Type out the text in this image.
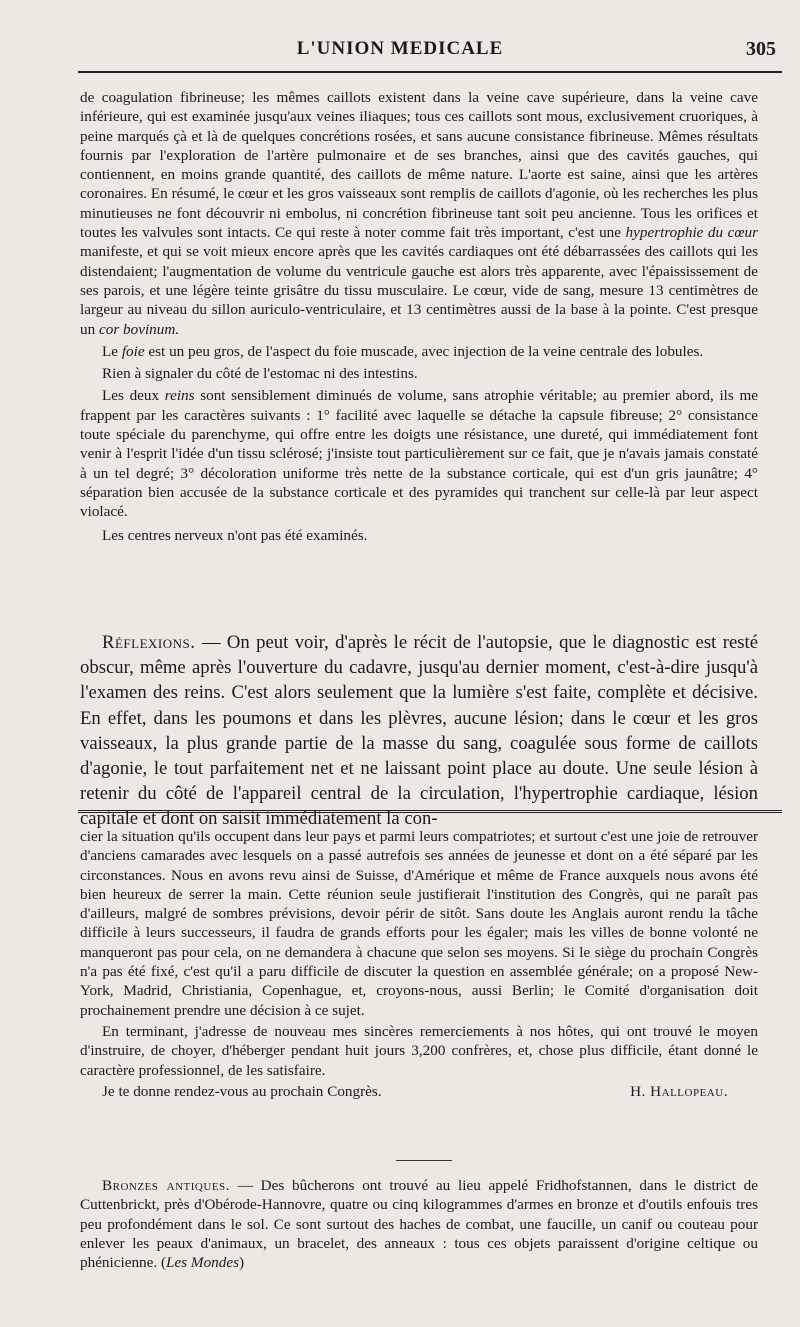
L'UNION MEDICALE	305

de coagulation fibrineuse; les mêmes caillots existent dans la veine cave supérieure, dans la veine cave inférieure, qui est examinée jusqu'aux veines iliaques; tous ces caillots sont mous, exclusivement cruoriques, à peine marqués çà et là de quelques concrétions rosées, et sans aucune consistance fibrineuse. Mêmes résultats fournis par l'exploration de l'artère pulmonaire et de ses branches, ainsi que des cavités gauches, qui contiennent, en moins grande quantité, des caillots de même nature. L'aorte est saine, ainsi que les artères coronaires. En résumé, le cœur et les gros vaisseaux sont remplis de caillots d'agonie, où les recherches les plus minutieuses ne font découvrir ni embolus, ni concrétion fibrineuse tant soit peu ancienne. Tous les orifices et toutes les valvules sont intacts. Ce qui reste à noter comme fait très important, c'est une hypertrophie du cœur manifeste, et qui se voit mieux encore après que les cavités cardiaques ont été débarrassées des caillots qui les distendaient; l'augmentation de volume du ventricule gauche est alors très apparente, avec l'épaississement de ses parois, et une légère teinte grisâtre du tissu musculaire. Le cœur, vide de sang, mesure 13 centimètres de largeur au niveau du sillon auriculo-ventriculaire, et 13 centimètres aussi de la base à la pointe. C'est presque un cor bovinum.

Le foie est un peu gros, de l'aspect du foie muscade, avec injection de la veine centrale des lobules.

Rien à signaler du côté de l'estomac ni des intestins.

Les deux reins sont sensiblement diminués de volume, sans atrophie véritable; au premier abord, ils me frappent par les caractères suivants : 1° facilité avec laquelle se détache la capsule fibreuse; 2° consistance toute spéciale du parenchyme, qui offre entre les doigts une résistance, une dureté, qui immédiatement font venir à l'esprit l'idée d'un tissu sclérosé; j'insiste tout particulièrement sur ce fait, que je n'avais jamais constaté à un tel degré; 3° décoloration uniforme très nette de la substance corticale, qui est d'un gris jaunâtre; 4° séparation bien accusée de la substance corticale et des pyramides qui tranchent sur celle-là par leur aspect violacé.

Les centres nerveux n'ont pas été examinés.

Réflexions. — On peut voir, d'après le récit de l'autopsie, que le diagnostic est resté obscur, même après l'ouverture du cadavre, jusqu'au dernier moment, c'est-à-dire jusqu'à l'examen des reins. C'est alors seulement que la lumière s'est faite, complète et décisive. En effet, dans les poumons et dans les plèvres, aucune lésion; dans le cœur et les gros vaisseaux, la plus grande partie de la masse du sang, coagulée sous forme de caillots d'agonie, le tout parfaitement net et ne laissant point place au doute. Une seule lésion à retenir du côté de l'appareil central de la circulation, l'hypertrophie cardiaque, lésion capitale et dont on saisit immédiatement la con-

cier la situation qu'ils occupent dans leur pays et parmi leurs compatriotes; et surtout c'est une joie de retrouver d'anciens camarades avec lesquels on a passé autrefois ses années de jeunesse et dont on a été séparé par les circonstances. Nous en avons revu ainsi de Suisse, d'Amérique et même de France auxquels nous avons été bien heureux de serrer la main. Cette réunion seule justifierait l'institution des Congrès, qui ne paraît pas d'ailleurs, malgré de sombres prévisions, devoir périr de sitôt. Sans doute les Anglais auront rendu la tâche difficile à leurs successeurs, il faudra de grands efforts pour les égaler; mais les villes de bonne volonté ne manqueront pas pour cela, on ne demandera à chacune que selon ses moyens. Si le siège du prochain Congrès n'a pas été fixé, c'est qu'il a paru difficile de discuter la question en assemblée générale; on a proposé New-York, Madrid, Christiania, Copenhague, et, croyons-nous, aussi Berlin; le Comité d'organisation doit prochainement prendre une décision à ce sujet.

En terminant, j'adresse de nouveau mes sincères remerciements à nos hôtes, qui ont trouvé le moyen d'instruire, de choyer, d'héberger pendant huit jours 3,200 confrères, et, chose plus difficile, étant donné le caractère professionnel, de les satisfaire.

Je te donne rendez-vous au prochain Congrès.	H. Hallopeau.

Bronzes antiques. — Des bûcherons ont trouvé au lieu appelé Fridhofstannen, dans le district de Cuttenbrickt, près d'Obérode-Hannovre, quatre ou cinq kilogrammes d'armes en bronze et d'outils enfouis tres peu profondément dans le sol. Ce sont surtout des haches de combat, une faucille, un canif ou couteau pour enlever les peaux d'animaux, un bracelet, des anneaux : tous ces objets paraissent d'origine celtique ou phénicienne. (Les Mondes)
